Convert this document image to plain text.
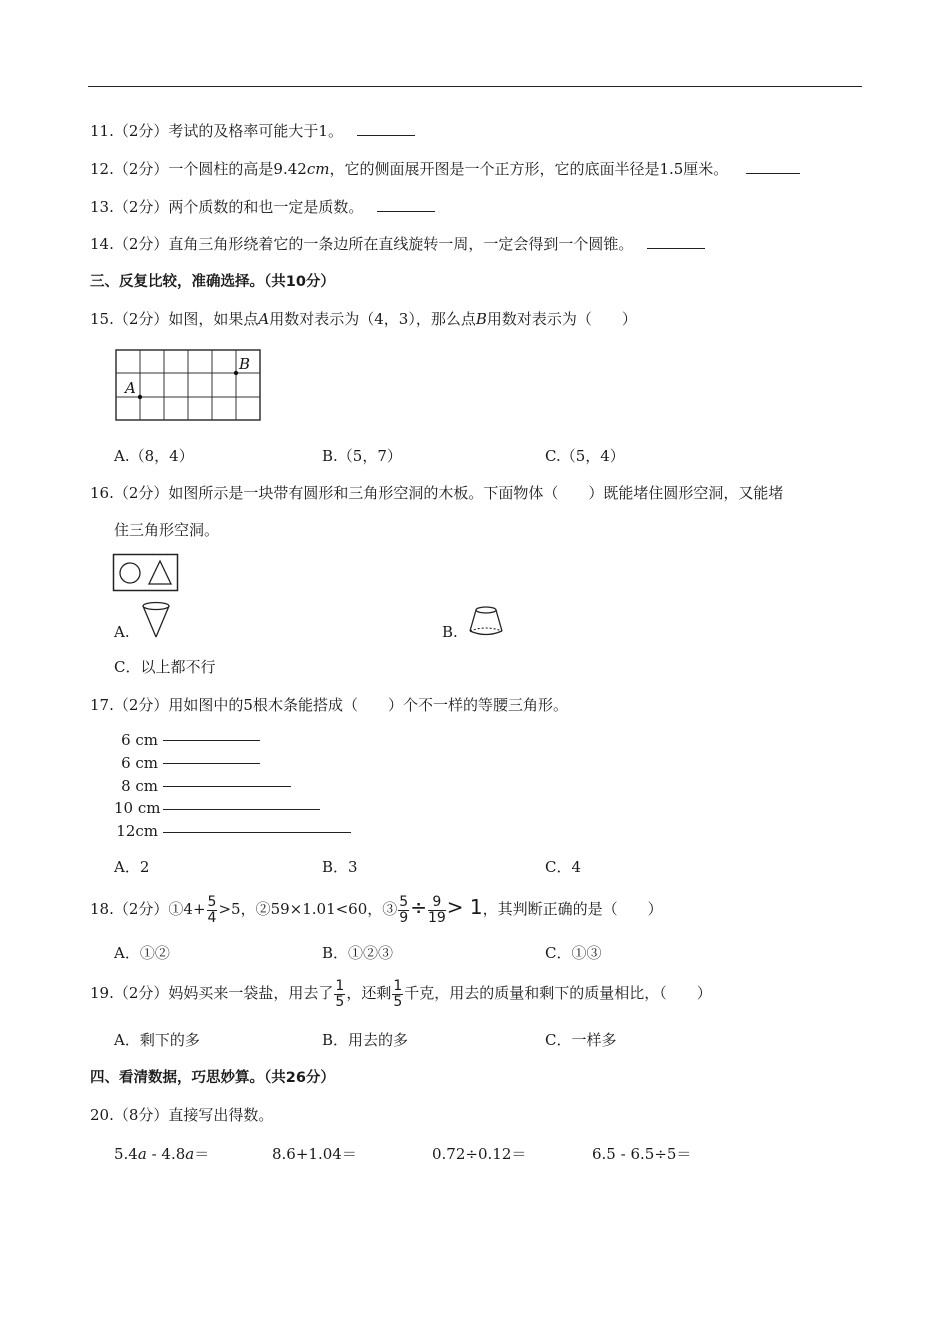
11.（2分）考试的及格率可能大于1。
12.（2分）一个圆柱的高是9.42cm，它的侧面展开图是一个正方形，它的底面半径是1.5厘米。
13.（2分）两个质数的和也一定是质数。
14.（2分）直角三角形绕着它的一条边所在直线旋转一周，一定会得到一个圆锥。
三、反复比较，准确选择。（共10分）
15.（2分）如图，如果点A用数对表示为（4，3），那么点B用数对表示为（　　）
A
B
A.（8，4）	B.（5，7）	C.（5，4）
16.（2分）如图所示是一块带有圆形和三角形空洞的木板。下面物体（　　）既能堵住圆形空洞，又能堵
住三角形空洞。
A.	B.
C．以上都不行
17.（2分）用如图中的5根木条能搭成（　　）个不一样的等腰三角形。
6 cm
6 cm
8 cm
10 cm
12cm
A．2	B．3	C．4
18.（2分）①4+ $\frac{5}{4} >5$，②59×1.01<60，③ $\frac{5}{9} \div \frac{9}{19} > 1$，其判断正确的是（　　）
A．①②	B．①②③	C．①③
19.（2分）妈妈买来一袋盐，用去了 $\frac{1}{5}$ ，还剩 $\frac{1}{5}$ 千克，用去的质量和剩下的质量相比，（　　）
A．剩下的多	B．用去的多	C．一样多
四、看清数据，巧思妙算。（共26分）
20.（8分）直接写出得数。
5.4a - 4.8a＝	8.6+1.04＝	0.72÷0.12＝	6.5 - 6.5÷5＝
